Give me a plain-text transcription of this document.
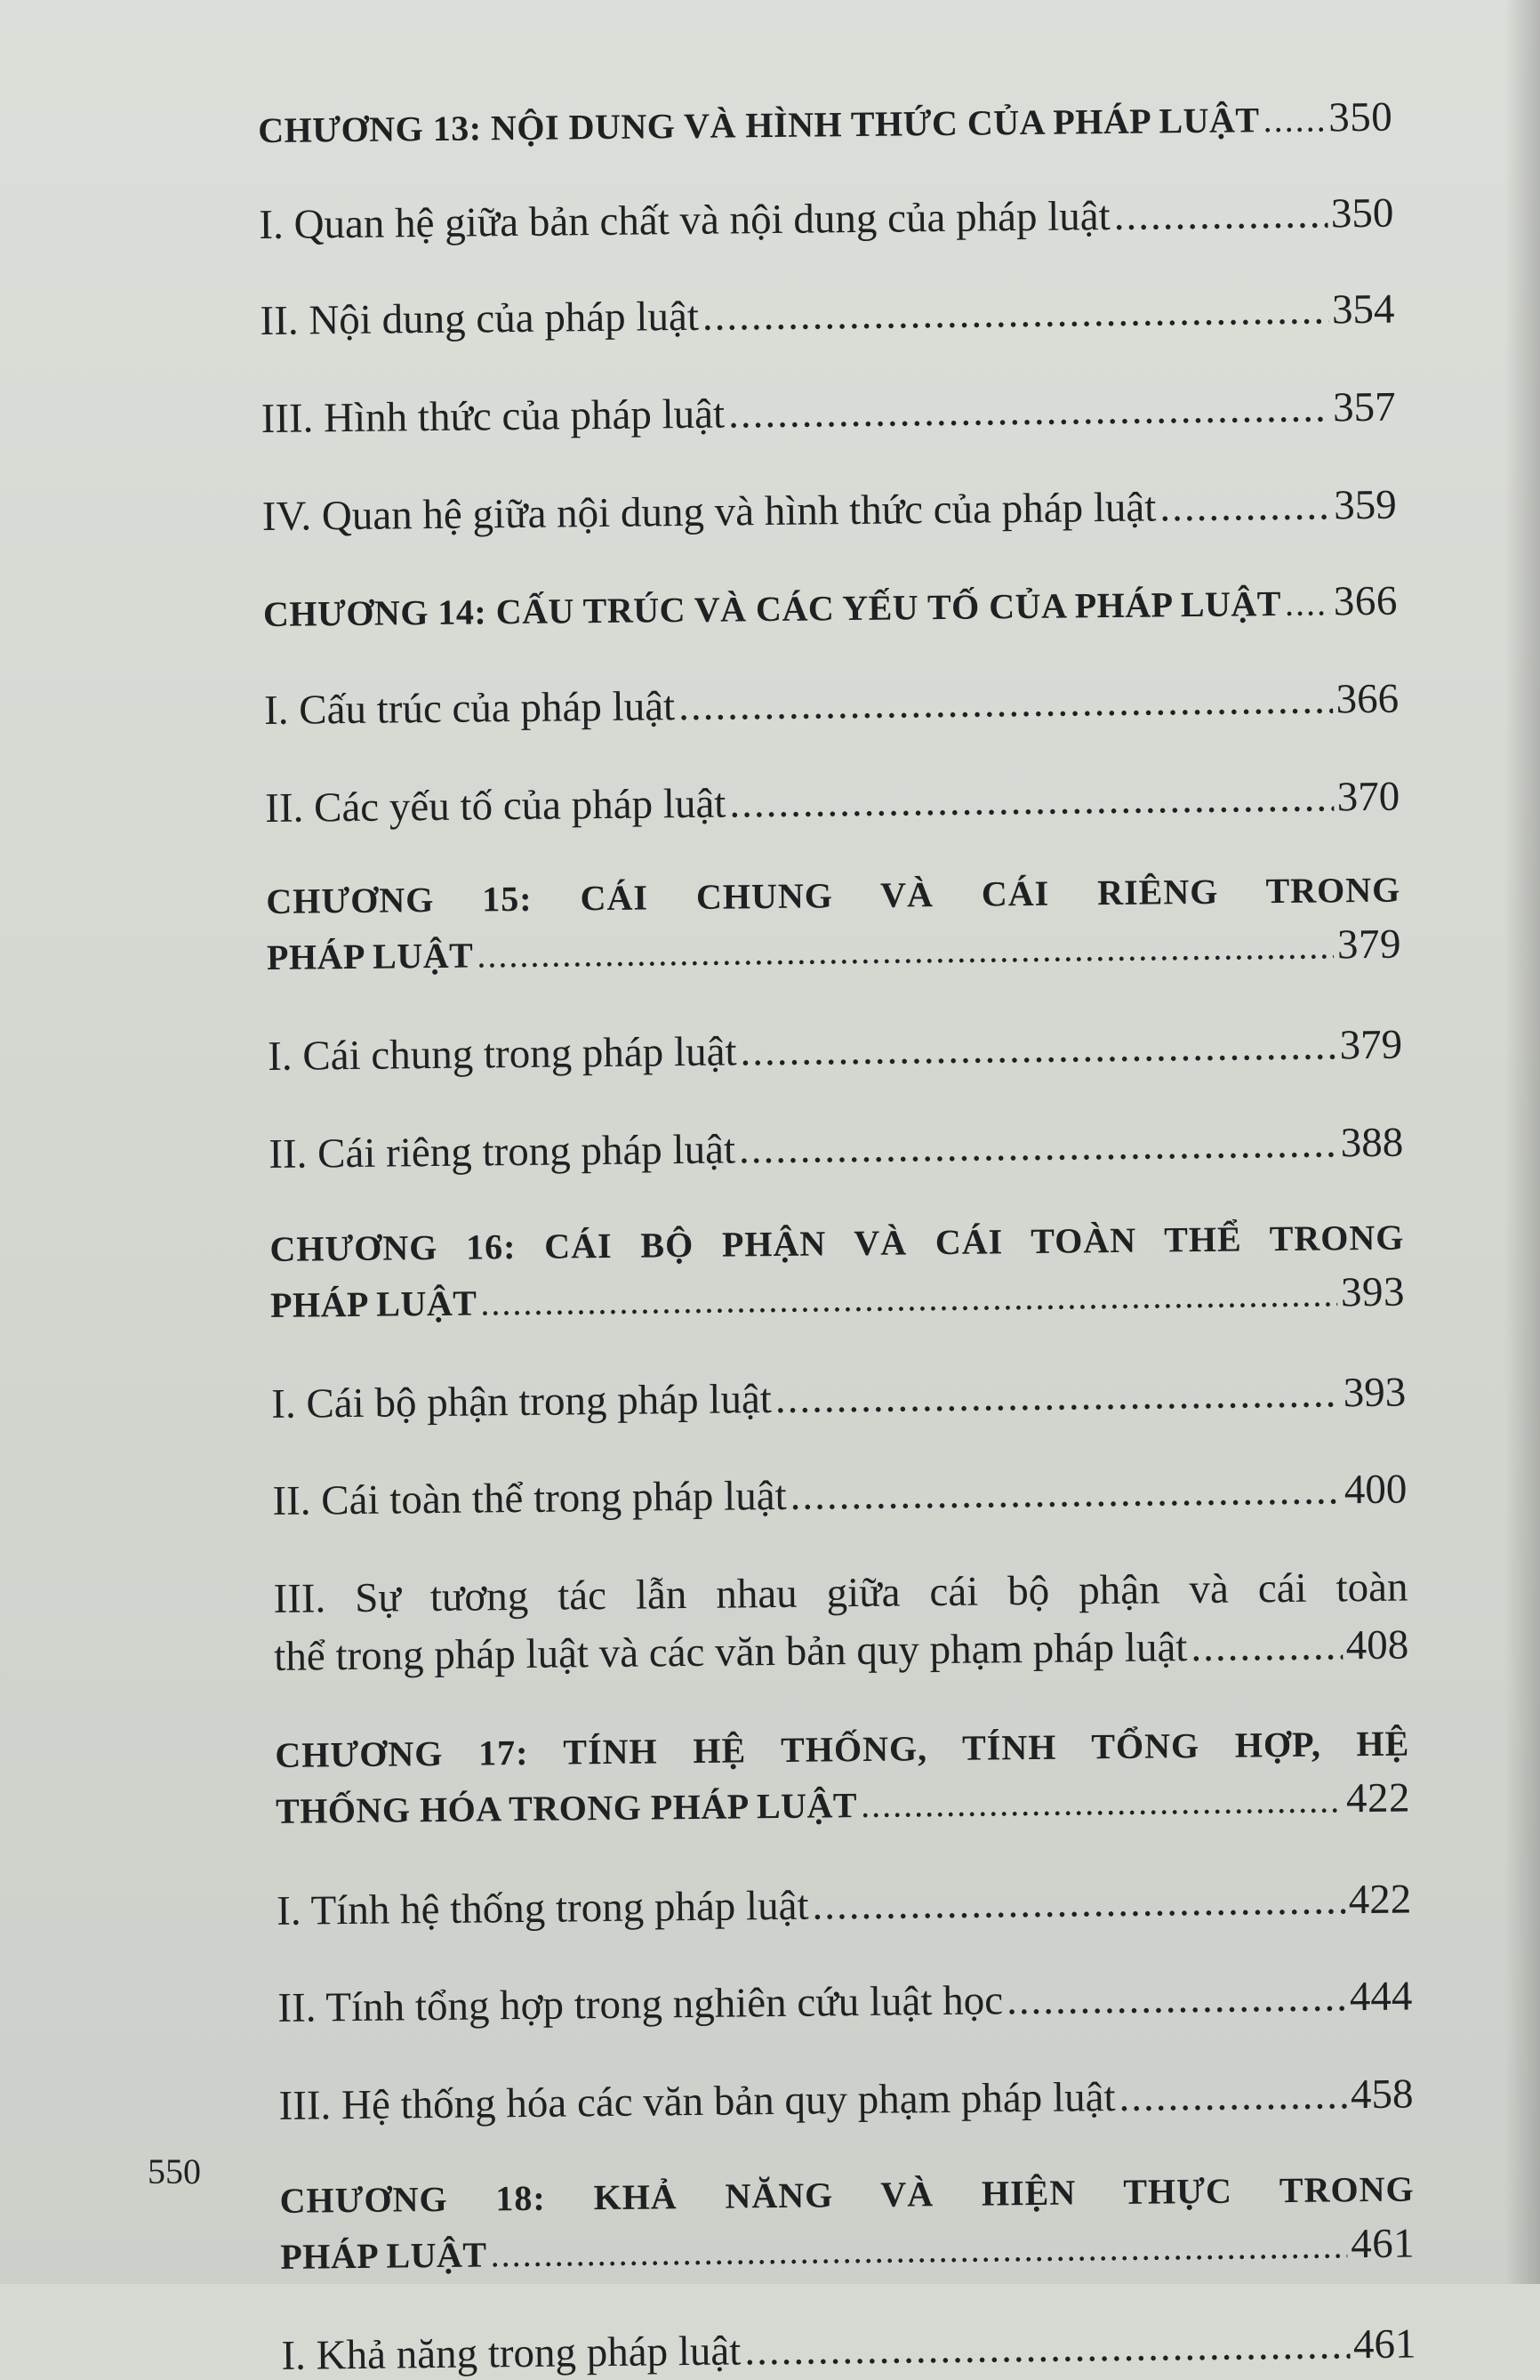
CHƯƠNG 13: NỘI DUNG VÀ HÌNH THỨC CỦA PHÁP LUẬT ..... 350
I. Quan hệ giữa bản chất và nội dung của pháp luật .....	350
II. Nội dung của pháp luật .....	354
III. Hình thức của pháp luật .....	357
IV. Quan hệ giữa nội dung và hình thức của pháp luật .....	359
CHƯƠNG 14: CẤU TRÚC VÀ CÁC YẾU TỐ CỦA PHÁP LUẬT ..... 366
I. Cấu trúc của pháp luật .....	366
II. Các yếu tố của pháp luật .....	370
CHƯƠNG 15: CÁI CHUNG VÀ CÁI RIÊNG TRONG
PHÁP LUẬT .....	379
I. Cái chung trong pháp luật .....	379
II. Cái riêng trong pháp luật .....	388
CHƯƠNG 16: CÁI BỘ PHẬN VÀ CÁI TOÀN THỂ TRONG
PHÁP LUẬT .....	393
I. Cái bộ phận trong pháp luật .....	393
II. Cái toàn thể trong pháp luật .....	400
III. Sự tương tác lẫn nhau giữa cái bộ phận và cái toàn
thể trong pháp luật và các văn bản quy phạm pháp luật .....	408
CHƯƠNG 17: TÍNH HỆ THỐNG, TÍNH TỔNG HỢP, HỆ
THỐNG HÓA TRONG PHÁP LUẬT .....	422
I. Tính hệ thống trong pháp luật .....	422
II. Tính tổng hợp trong nghiên cứu luật học .....	444
III. Hệ thống hóa các văn bản quy phạm pháp luật .....	458
CHƯƠNG 18: KHẢ NĂNG VÀ HIỆN THỰC TRONG
PHÁP LUẬT .....	461
I. Khả năng trong pháp luật .....	461
550
